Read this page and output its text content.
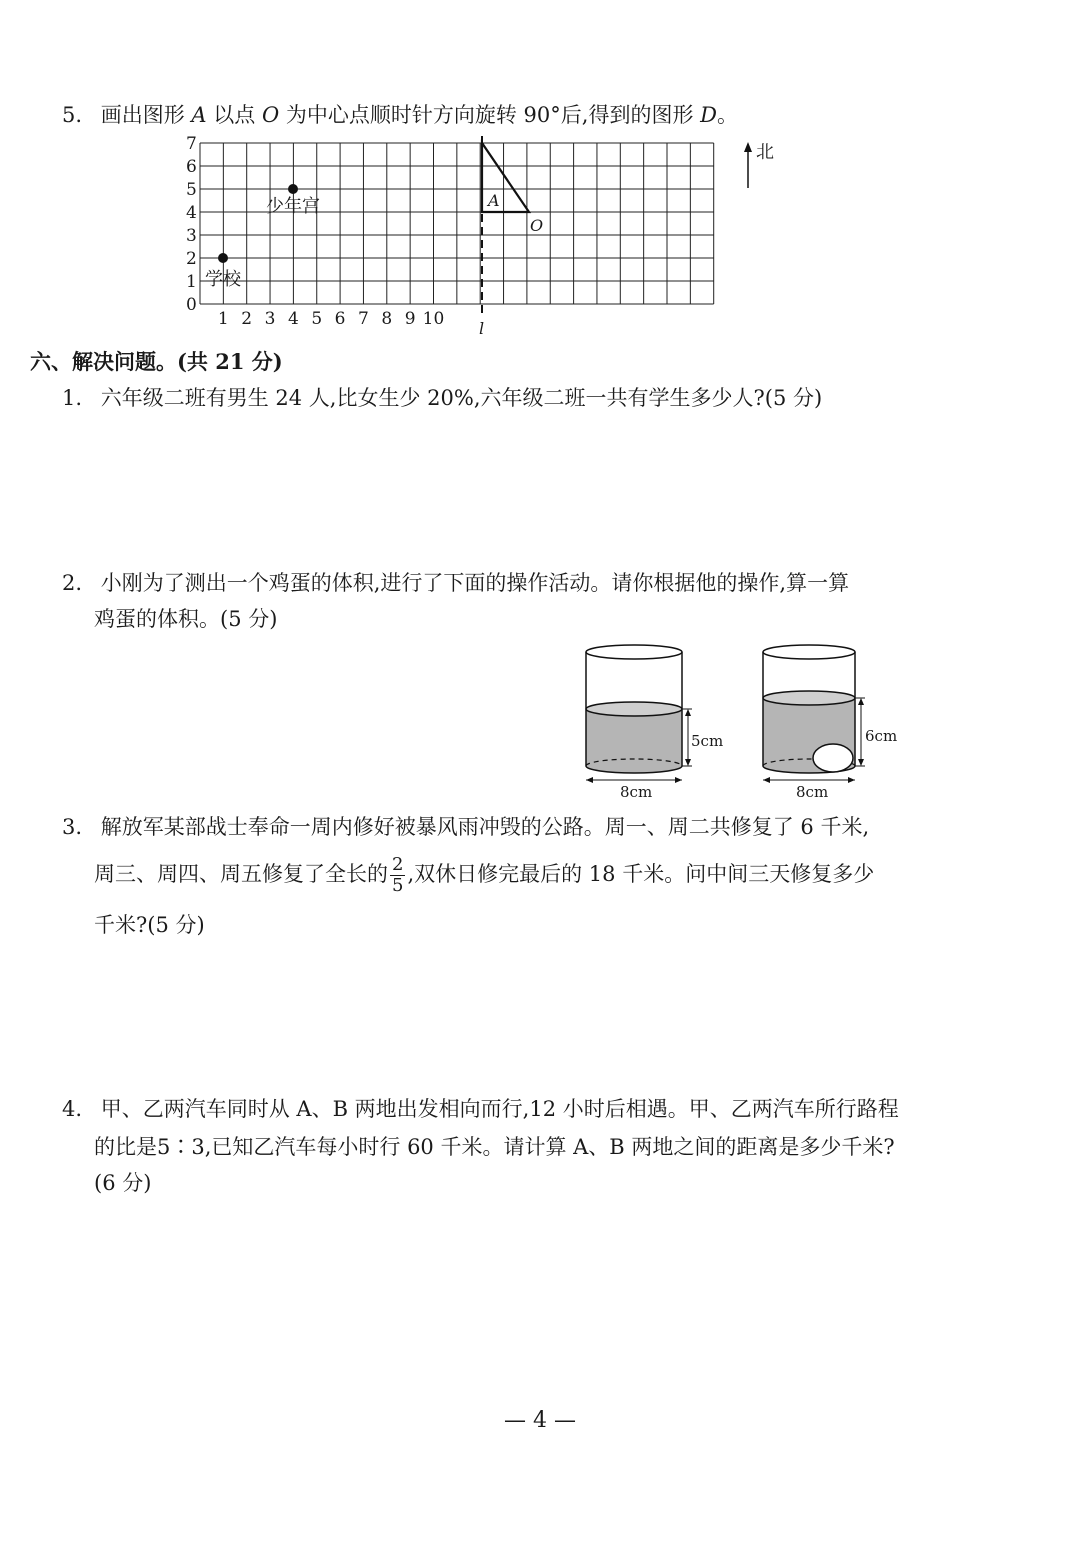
5. 画出图形 A 以点 O 为中心点顺时针方向旋转 90°后,得到的图形 D。
0
1
2
3
4
5
6
7
1 2 3 4 5 6 7 8 9 10
学校
少年宫
l
A
O
北
六、解决问题。(共 21 分)
1. 六年级二班有男生 24 人,比女生少 20%,六年级二班一共有学生多少人?(5 分)
2. 小刚为了测出一个鸡蛋的体积,进行了下面的操作活动。请你根据他的操作,算一算
鸡蛋的体积。(5 分)
5cm
8cm
6cm
8cm
3. 解放军某部战士奉命一周内修好被暴风雨冲毁的公路。周一、周二共修复了 6 千米,
周三、周四、周五修复了全长的 $\frac{2}{5}$ ,双休日修完最后的 18 千米。问中间三天修复多少
千米?(5 分)
4. 甲、乙两汽车同时从 A、B 两地出发相向而行,12 小时后相遇。甲、乙两汽车所行路程
的比是5∶3,已知乙汽车每小时行 60 千米。请计算 A、B 两地之间的距离是多少千米?
(6 分)
— 4 —
